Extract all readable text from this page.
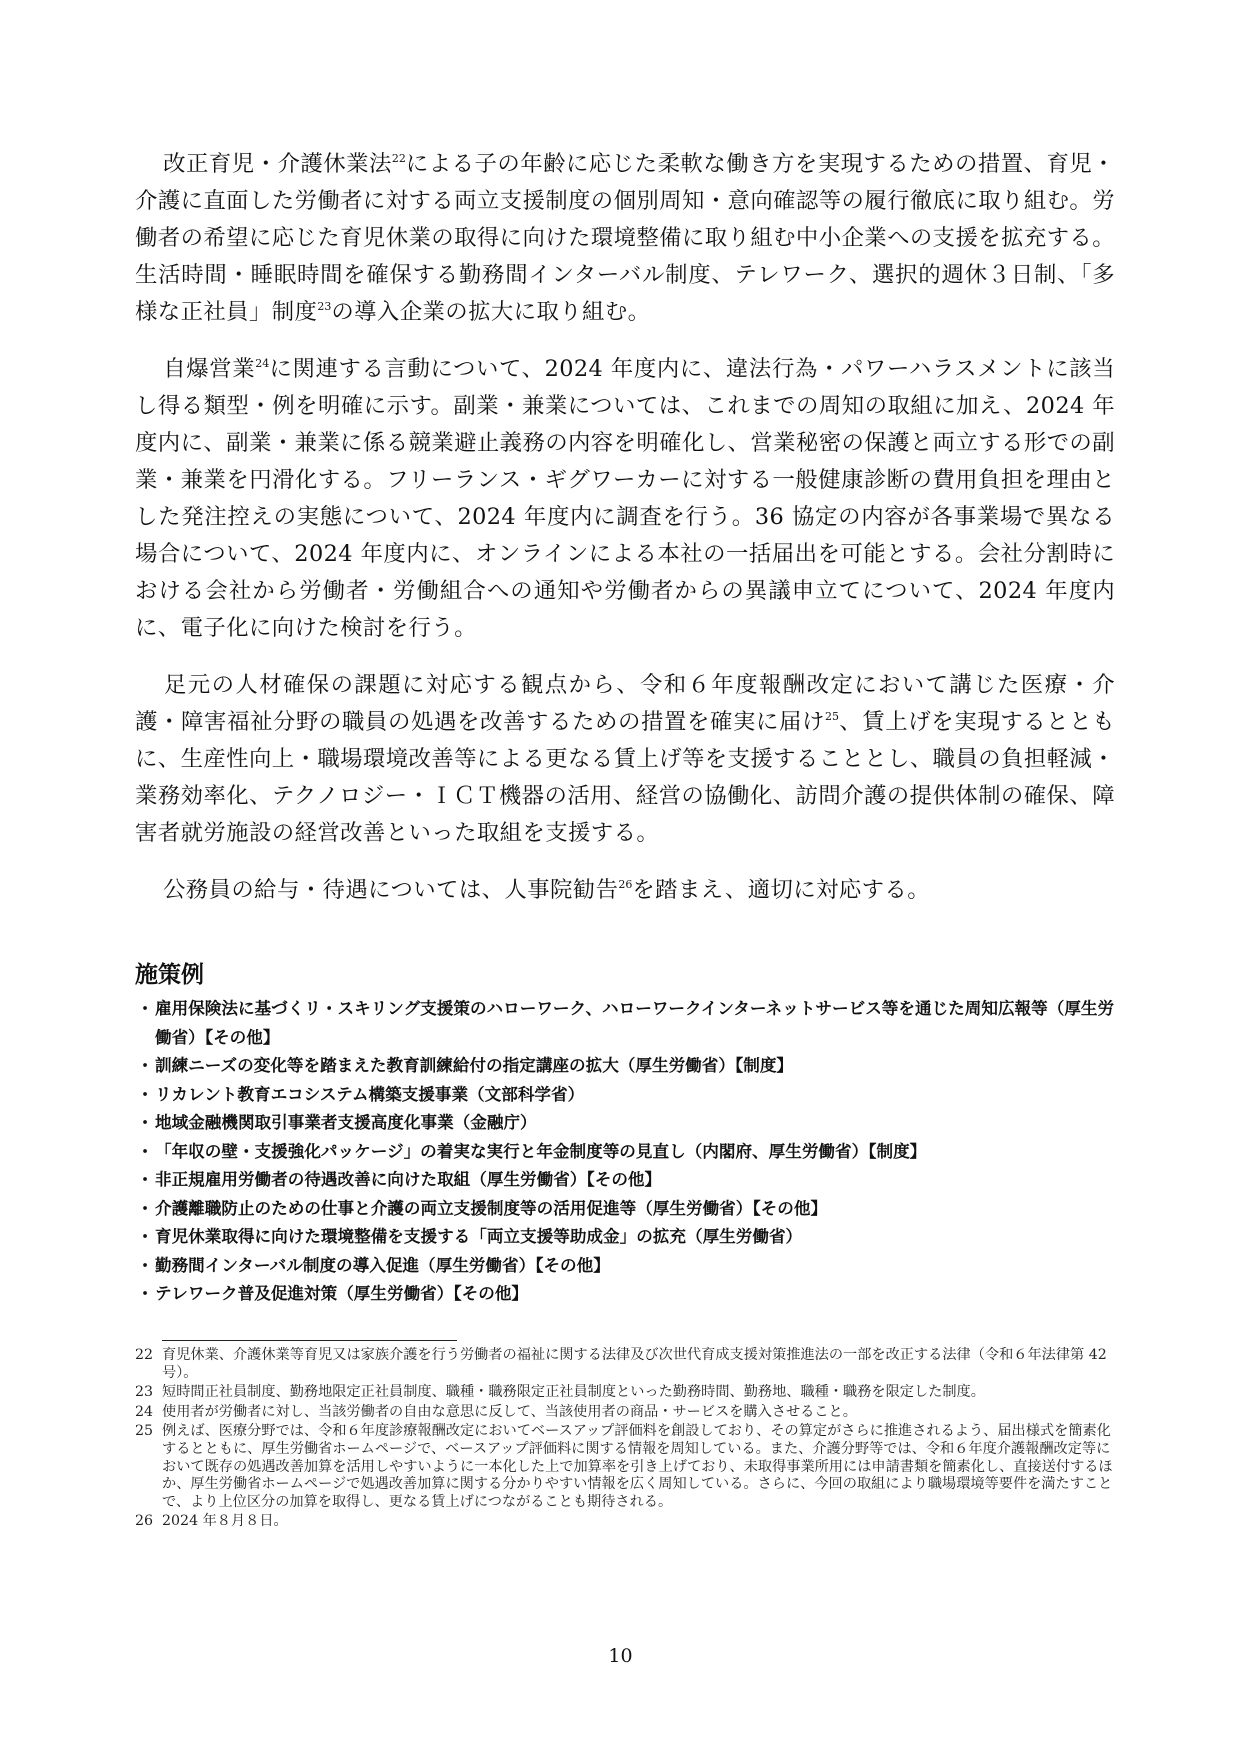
改正育児・介護休業法$^{22}$による子の年齢に応じた柔軟な働き方を実現するための措置、育児・介護に直面した労働者に対する両立支援制度の個別周知・意向確認等の履行徹底に取り組む。労働者の希望に応じた育児休業の取得に向けた環境整備に取り組む中小企業への支援を拡充する。生活時間・睡眠時間を確保する勤務間インターバル制度、テレワーク、選択的週休３日制、「多様な正社員」制度$^{23}$の導入企業の拡大に取り組む。

自爆営業$^{24}$に関連する言動について、2024 年度内に、違法行為・パワーハラスメントに該当し得る類型・例を明確に示す。副業・兼業については、これまでの周知の取組に加え、2024 年度内に、副業・兼業に係る競業避止義務の内容を明確化し、営業秘密の保護と両立する形での副業・兼業を円滑化する。フリーランス・ギグワーカーに対する一般健康診断の費用負担を理由とした発注控えの実態について、2024 年度内に調査を行う。36 協定の内容が各事業場で異なる場合について、2024 年度内に、オンラインによる本社の一括届出を可能とする。会社分割時における会社から労働者・労働組合への通知や労働者からの異議申立てについて、2024 年度内に、電子化に向けた検討を行う。

足元の人材確保の課題に対応する観点から、令和６年度報酬改定において講じた医療・介護・障害福祉分野の職員の処遇を改善するための措置を確実に届け$^{25}$、賃上げを実現するとともに、生産性向上・職場環境改善等による更なる賃上げ等を支援することとし、職員の負担軽減・業務効率化、テクノロジー・ＩＣＴ機器の活用、経営の協働化、訪問介護の提供体制の確保、障害者就労施設の経営改善といった取組を支援する。

公務員の給与・待遇については、人事院勧告$^{26}$を踏まえ、適切に対応する。

施策例
・ 雇用保険法に基づくリ・スキリング支援策のハローワーク、ハローワークインターネットサービス等を通じた周知広報等（厚生労働省）【その他】
・ 訓練ニーズの変化等を踏まえた教育訓練給付の指定講座の拡大（厚生労働省）【制度】
・ リカレント教育エコシステム構築支援事業（文部科学省）
・ 地域金融機関取引事業者支援高度化事業（金融庁）
・ 「年収の壁・支援強化パッケージ」の着実な実行と年金制度等の見直し（内閣府、厚生労働省）【制度】
・ 非正規雇用労働者の待遇改善に向けた取組（厚生労働省）【その他】
・ 介護離職防止のための仕事と介護の両立支援制度等の活用促進等（厚生労働省）【その他】
・ 育児休業取得に向けた環境整備を支援する「両立支援等助成金」の拡充（厚生労働省）
・ 勤務間インターバル制度の導入促進（厚生労働省）【その他】
・ テレワーク普及促進対策（厚生労働省）【その他】
22 育児休業、介護休業等育児又は家族介護を行う労働者の福祉に関する法律及び次世代育成支援対策推進法の一部を改正する法律（令和６年法律第 42 号）。
23 短時間正社員制度、勤務地限定正社員制度、職種・職務限定正社員制度といった勤務時間、勤務地、職種・職務を限定した制度。
24 使用者が労働者に対し、当該労働者の自由な意思に反して、当該使用者の商品・サービスを購入させること。
25 例えば、医療分野では、令和６年度診療報酬改定においてベースアップ評価料を創設しており、その算定がさらに推進されるよう、届出様式を簡素化するとともに、厚生労働省ホームページで、ベースアップ評価料に関する情報を周知している。また、介護分野等では、令和６年度介護報酬改定等において既存の処遇改善加算を活用しやすいように一本化した上で加算率を引き上げており、未取得事業所用には申請書類を簡素化し、直接送付するほか、厚生労働省ホームページで処遇改善加算に関する分かりやすい情報を広く周知している。さらに、今回の取組により職場環境等要件を満たすことで、より上位区分の加算を取得し、更なる賃上げにつながることも期待される。
26 2024 年８月８日。

10
